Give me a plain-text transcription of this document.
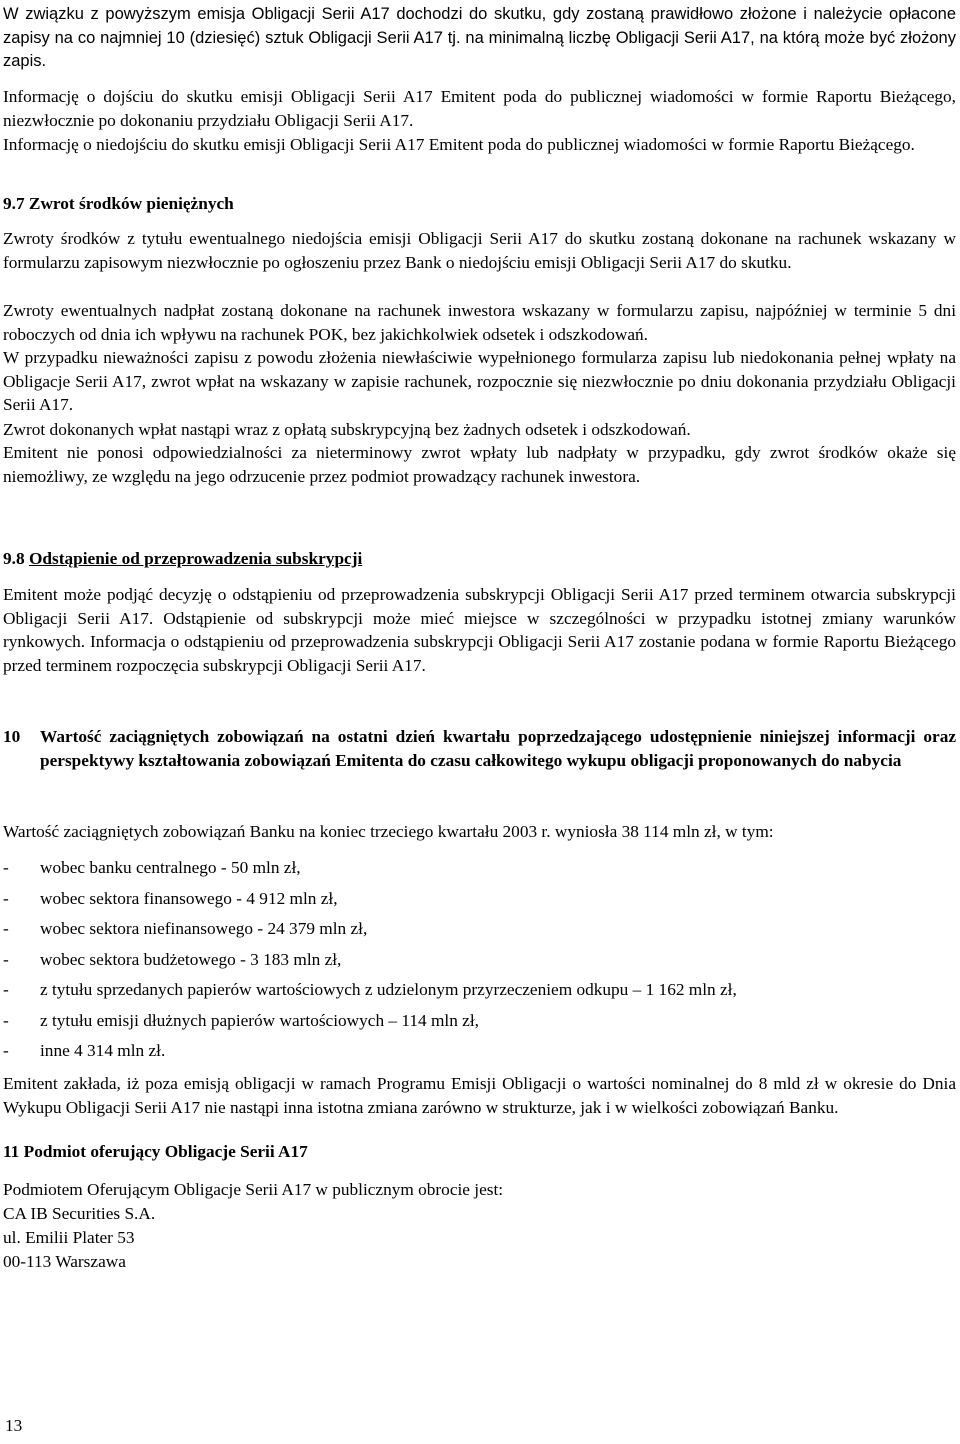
W związku z powyższym emisja Obligacji Serii A17 dochodzi do skutku, gdy zostaną prawidłowo złożone i należycie opłacone zapisy na co najmniej 10 (dziesięć) sztuk Obligacji Serii A17 tj. na minimalną liczbę Obligacji Serii A17, na którą może być złożony zapis.

Informację o dojściu do skutku emisji Obligacji Serii A17 Emitent poda do publicznej wiadomości w formie Raportu Bieżącego, niezwłocznie po dokonaniu przydziału Obligacji Serii A17.

Informację o niedojściu do skutku emisji Obligacji Serii A17 Emitent poda do publicznej wiadomości w formie Raportu Bieżącego.

9.7 Zwrot środków pieniężnych

Zwroty środków z tytułu ewentualnego niedojścia emisji Obligacji Serii A17 do skutku zostaną dokonane na rachunek wskazany w formularzu zapisowym niezwłocznie po ogłoszeniu przez Bank o niedojściu emisji Obligacji Serii A17 do skutku.

Zwroty ewentualnych nadpłat zostaną dokonane na rachunek inwestora wskazany w formularzu zapisu, najpóźniej w terminie 5 dni roboczych od dnia ich wpływu na rachunek POK, bez jakichkolwiek odsetek i odszkodowań.

W przypadku nieważności zapisu z powodu złożenia niewłaściwie wypełnionego formularza zapisu lub niedokonania pełnej wpłaty na Obligacje Serii A17, zwrot wpłat na wskazany w zapisie rachunek, rozpocznie się niezwłocznie po dniu dokonania przydziału Obligacji Serii A17.

Zwrot dokonanych wpłat nastąpi wraz z opłatą subskrypcyjną bez żadnych odsetek i odszkodowań.

Emitent nie ponosi odpowiedzialności za nieterminowy zwrot wpłaty lub nadpłaty w przypadku, gdy zwrot środków okaże się niemożliwy, ze względu na jego odrzucenie przez podmiot prowadzący rachunek inwestora.

9.8 Odstąpienie od przeprowadzenia subskrypcji

Emitent może podjąć decyzję o odstąpieniu od przeprowadzenia subskrypcji Obligacji Serii A17 przed terminem otwarcia subskrypcji Obligacji Serii A17. Odstąpienie od subskrypcji może mieć miejsce w szczególności w przypadku istotnej zmiany warunków rynkowych. Informacja o odstąpieniu od przeprowadzenia subskrypcji Obligacji Serii A17 zostanie podana w formie Raportu Bieżącego przed terminem rozpoczęcia subskrypcji Obligacji Serii A17.

10 Wartość zaciągniętych zobowiązań na ostatni dzień kwartału poprzedzającego udostępnienie niniejszej informacji oraz perspektywy kształtowania zobowiązań Emitenta do czasu całkowitego wykupu obligacji proponowanych do nabycia

Wartość zaciągniętych zobowiązań Banku na koniec trzeciego kwartału 2003 r. wyniosła 38 114 mln zł, w tym:

- wobec banku centralnego - 50 mln zł,
- wobec sektora finansowego - 4 912 mln zł,
- wobec sektora niefinansowego - 24 379 mln zł,
- wobec sektora budżetowego - 3 183 mln zł,
- z tytułu sprzedanych papierów wartościowych z udzielonym przyrzeczeniem odkupu – 1 162 mln zł,
- z tytułu emisji dłużnych papierów wartościowych – 114 mln zł,
- inne 4 314 mln zł.

Emitent zakłada, iż poza emisją obligacji w ramach Programu Emisji Obligacji o wartości nominalnej do 8 mld zł w okresie do Dnia Wykupu Obligacji Serii A17 nie nastąpi inna istotna zmiana zarówno w strukturze, jak i w wielkości zobowiązań Banku.

11 Podmiot oferujący Obligacje Serii A17

Podmiotem Oferującym Obligacje Serii A17 w publicznym obrocie jest:

CA IB Securities S.A.

ul. Emilii Plater 53

00-113 Warszawa

13
